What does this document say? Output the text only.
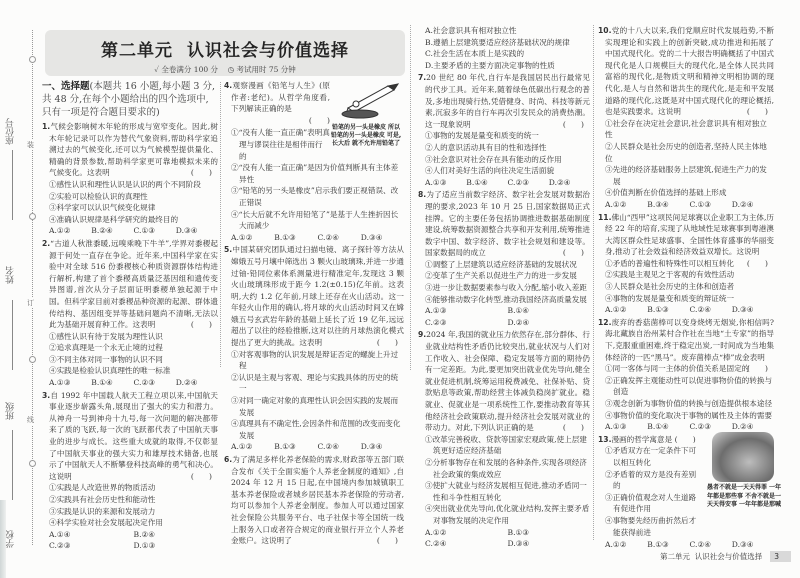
座位号
姓名
班级
学校
装
订
线
第二单元 认识社会与价值选择
✓ 全卷满分 100 分 ◷ 考试用时 75 分钟
一、选择题(本题共 16 小题,每小题 3 分,共 48 分,在每个小题给出的四个选项中,只有一项是符合题目要求的)
1.气候会影响树木年轮的形成与宽窄变化。因此,树木年轮记录可以作为替代气象资料,帮助科学家追溯过去的气候变化,还可以为气候模型提供量化、精确的背景参数,帮助科学家更可靠地模拟未来的气候变化。这表明	(　　)
①感性认识和理性认识是认识的两个不同阶段
②实验可以检验认识的真理性
③科学家可以认识气候变化规律
④准确认识规律是科学研究的最终目的
A.①②	B.②④	C.①③	D.③④
2.“古道人秋淮黍暖,远嗅乘晚下牛羊”,学界对黍稷起源于何处一直存在争论。近年来,中国科学家在实验中对全球 516 份黍稷核心种质资源群体结构进行解析,构建了首个黍稷高质量泛基因组和遗传变异图谱,首次从分子层面证明黍稷单独起源于中国。但科学家目前对黍稷品种资源的起源、群体遗传结构、基因组变异等基础问题尚不清晰,无法以此为基础开展育种工作。这表明	(　　)
①感性认识有待于发展为理性认识
②追求真理是一个永无止境的过程
③不同主体对同一事物的认识不同
④实践是检验认识真理性的唯一标准
A.①③	B.①④	C.②③	D.②④
3.自 1992 年中国载人航天工程立项以来,中国航天事业逐步崭露头角,展现出了强大的实力和潜力。从神舟一号到神舟十九号,每一次问题的解决都带来了质的飞跃,每一次的飞跃都代表了中国航天事业的进步与成长。这些重大成就的取得,不仅彰显了中国航天事业的强大实力和雄厚技术储备,也展示了中国航天人不断攀登科技高峰的勇气和决心。这说明	(　　)
①实践是人改造世界的物质活动
②实践具有社会历史性和能动性
③实践是认识的来源和发展动力
④科学实验对社会发展起决定作用
A.①④	B.②④
C.②③	D.①③
4.观察漫画《铅笔与人生》(原作者:老纪)。从哲学角度看,下列解读正确的是
(　　)
①“没有人能一直正确”表明真理与谬误往往是相伴而行的
②“没有人能一直正确”是因为价值判断具有主体差异性
③“铅笔的另一头是橡皮”启示我们要正视错误、改正错误
④“长大后就不允许用铅笔了”是基于人生挫折因长大而减少
A.①②	B.①③	C.②④	D.③④
5.中国某研究团队通过扫描电镜、离子探针等方法从嫦娥五号月壤中筛选出 3 颗火山玻璃珠,并进一步通过铀-铅同位素体系测量进行精准定年,发现这 3 颗火山玻璃珠形成于距今 1.2(±0.15)亿年前。这表明,大约 1.2 亿年前,月球上还存在火山活动。这一年轻火山作用的确认,将月球的火山活动时间又在嫦娥五号玄武岩年龄的基础上延长了近 19 亿年,远远超出了以往的经验推断,这对以往的月球热演化模式提出了更大的挑战。这表明	(　　)
①对客观事物的认识发展是辩证否定的螺旋上升过程
②认识是主观与客观、理论与实践具体的历史的统一
③对同一确定对象的真理性认识会因实践的发展而发展
④真理具有不确定性,会因条件和范围的改变而变化发展
A.①②	B.①③	C.②④	D.③④
6.为了满足多样化养老保险的需求,财政部等五部门联合发布《关于全面实施个人养老金制度的通知》,自 2024 年 12 月 15 日起,在中国境内参加城镇职工基本养老保险或者城乡居民基本养老保险的劳动者,均可以参加个人养老金制度。参加人可以通过国家社会保险公共服务平台、电子社保卡等全国统一线上服务入口或者符合规定的商业银行开立个人养老金账户。这说明了	(　　)
铅笔的另一头是橡皮 所以铅笔的另一头是橡皮 可是,长大后 就不允许用铅笔了
A.社会意识具有相对独立性
B.遵循上层建筑要适应经济基础状况的规律
C.社会生活在本质上是实践的
D.主要矛盾的主要方面决定事物的性质
7.20 世纪 80 年代,自行车是我国居民出行最常见的代步工具。近年来,随着绿色低碳出行观念的普及,多地出现骑行热,凭借健身、时尚、科技等新元素,沉寂多年的自行车再次引发民众的消费热潮。这一现象说明	(　　)
①事物的发展是量变和质变的统一
②人的意识活动具有目的性和选择性
③社会意识对社会存在具有能动的反作用
④人们对美好生活的向往决定生活面貌
A.①③	B.①④	C.②③	D.②④
8.为了适应当前数字经济、数字社会发展对数据治理的要求,2023 年 10 月 25 日,国家数据局正式挂牌。它的主要任务包括协调推进数据基础制度建设,统筹数据资源整合共享和开发利用,统筹推进数字中国、数字经济、数字社会规划和建设等。国家数据局的成立	(　　)
①调整了上层建筑以适应经济基础的发展状况
②变革了生产关系以促进生产力的进一步发展
③进一步让数据要素参与收入分配,缩小收入差距
④能够推动数字化转型,推动我国经济高质量发展
A.①③	B.①④
C.②③	D.②④
9.2024 年,我国的就业压力依然存在,部分群体、行业就业结构性矛盾仍比较突出,就业状况与人们对工作收入、社会保障、稳定发展等方面的期待仍有一定差距。为此,要更加突出就业优先导向,健全就业促进机制,统筹运用税费减免、社保补贴、贷款贴息等政策,帮助经营主体减负稳岗扩就业。稳就业、促就业是一项系统性工作,要推动教育等其他经济社会政策联动,提升经济社会发展对就业的带动力。对此,下列认识正确的是	(　　)
①改革完善税收、贷款等国家宏观政策,使上层建筑更好适应经济基础
②分析事物存在和发展的各种条件,实现各项经济社会政策的集成效应
③使扩大就业与经济发展相互促进,推动矛盾同一性和斗争性相互转化
④突出就业优先导向,优化就业结构,发挥主要矛盾对事物发展的决定作用
A.①②	B.①③
C.②④	D.③④
10.党的十八大以来,我们党顺应时代发展趋势,不断实现理论和实践上的创新突破,成功推进和拓展了中国式现代化。党的二十大报告明确概括了中国式现代化是人口规模巨大的现代化,是全体人民共同富裕的现代化,是物质文明和精神文明相协调的现代化,是人与自然和谐共生的现代化,是走和平发展道路的现代化,这既是对中国式现代化的理论概括,也是实践要求。这说明	(　　)
①社会存在决定社会意识,社会意识具有相对独立性
②人民群众是社会历史的创造者,坚持人民主体地位
③先进的经济基础服务上层建筑,促进生产力的发展
④价值判断在价值选择的基础上形成
A.①②	B.③④	C.①③	D.②④
11.佛山“西甲”这项民间足球赛以企业职工为主体,历经 22 年的培育,实现了从地域性足球赛事到粤港澳大湾区群众性足球盛事、全国性体育盛事的华丽变身,推动了社会效益和经济效益双增长。这说明
(　　)
①矛盾的普遍性和特殊性可以相互转化
②实践是主观见之于客观的有效性活动
③人民群众是社会历史的主体和创造者
④事物的发展是量变和质变的辩证统一
A.①②	B.①③	C.②④	D.③④
12.废弃的香菇菌棒可以变身烧烤无烟炭,你相信吗?海北藏族自治州某村合作社在当地“土专家”的指导下,克服重重困难,终于稳定出炭,一时间成为当地集体经济的一匹“黑马”。废弃菌棒点“棒”成金表明
(　　)
①同一客体与同一主体的价值关系是固定的
②正确发挥主观能动性可以促进事物价值的转换与创造
③观念创新为事物价值的转换与创造提供根本途径
④事物价值的变化取决于事物的属性及主体的需要
A.①③	B.①④	C.②③	D.②④
13.漫画的哲学寓意是 (　　)
①矛盾双方在一定条件下可以相互转化
②矛盾着的双方是没有差别的
③正确价值观念对人生道路有促进作用
④事物要先经历曲折然后才能获得前进
A.①②	B.①③	C.②④	D.③④
愚者不就是一天天得罪 一年年都是那些事 不舍不就是一天天得安事 一年年都是那喊
第二单元
认识社会与价值选择	3
